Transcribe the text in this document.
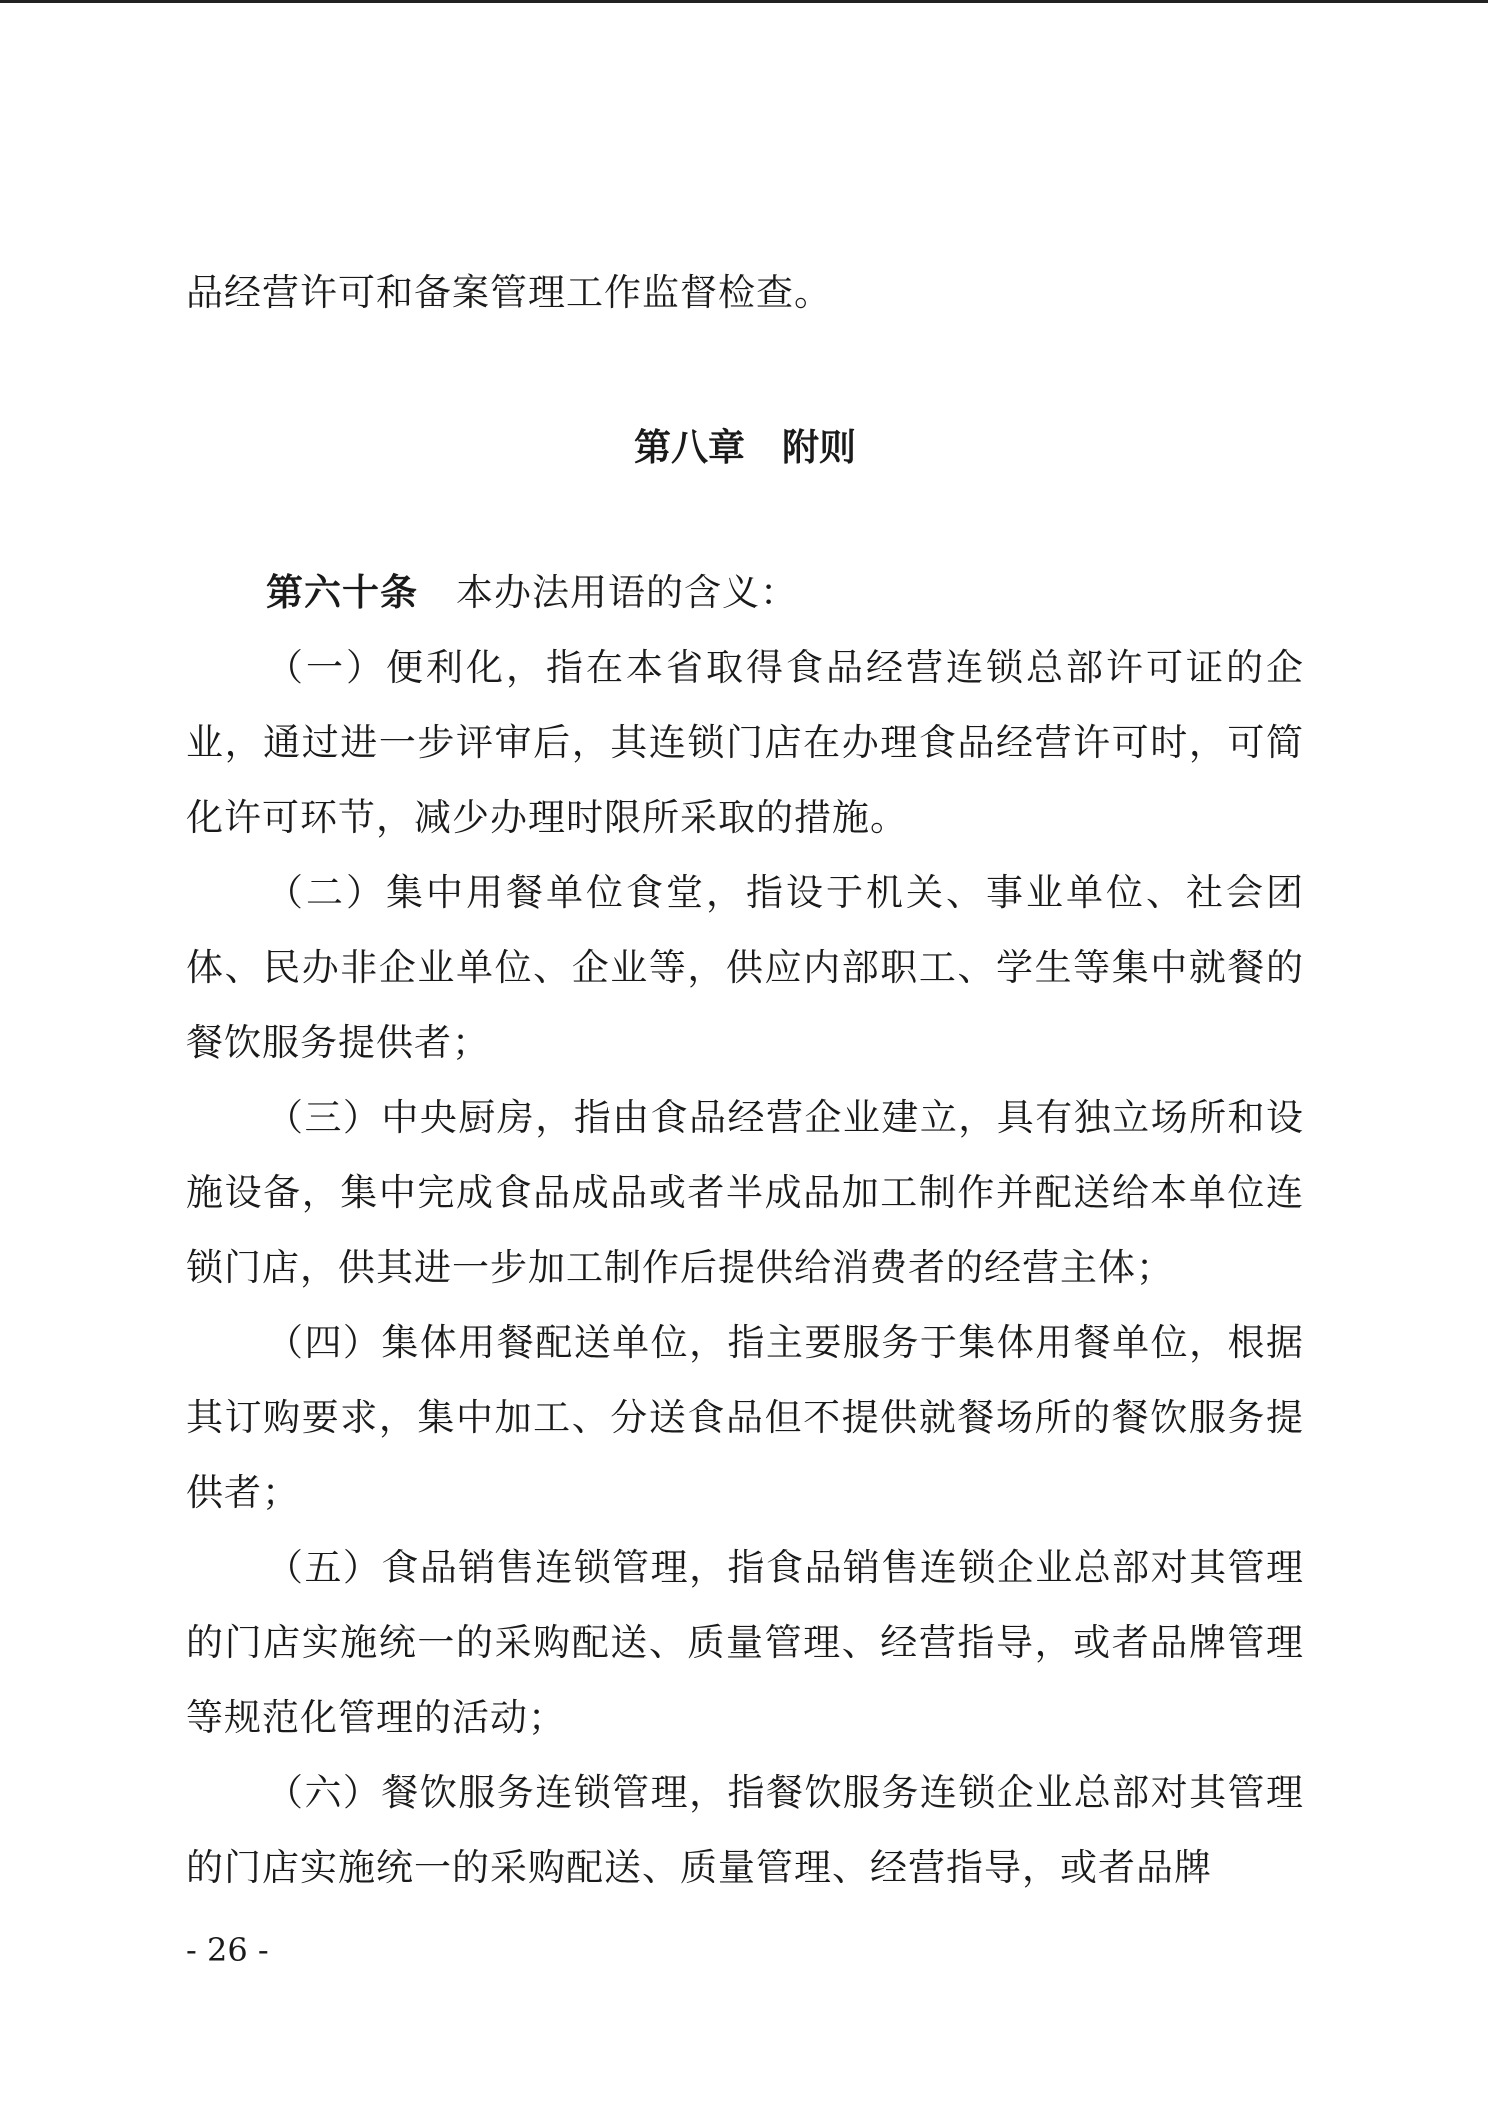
品经营许可和备案管理工作监督检查。

第八章　附则

第六十条　本办法用语的含义：

（一）便利化，指在本省取得食品经营连锁总部许可证的企业，通过进一步评审后，其连锁门店在办理食品经营许可时，可简化许可环节，减少办理时限所采取的措施。

（二）集中用餐单位食堂，指设于机关、事业单位、社会团体、民办非企业单位、企业等，供应内部职工、学生等集中就餐的餐饮服务提供者；

（三）中央厨房，指由食品经营企业建立，具有独立场所和设施设备，集中完成食品成品或者半成品加工制作并配送给本单位连锁门店，供其进一步加工制作后提供给消费者的经营主体；

（四）集体用餐配送单位，指主要服务于集体用餐单位，根据其订购要求，集中加工、分送食品但不提供就餐场所的餐饮服务提供者；

（五）食品销售连锁管理，指食品销售连锁企业总部对其管理的门店实施统一的采购配送、质量管理、经营指导，或者品牌管理等规范化管理的活动；

（六）餐饮服务连锁管理，指餐饮服务连锁企业总部对其管理的门店实施统一的采购配送、质量管理、经营指导，或者品牌

- 26 -
